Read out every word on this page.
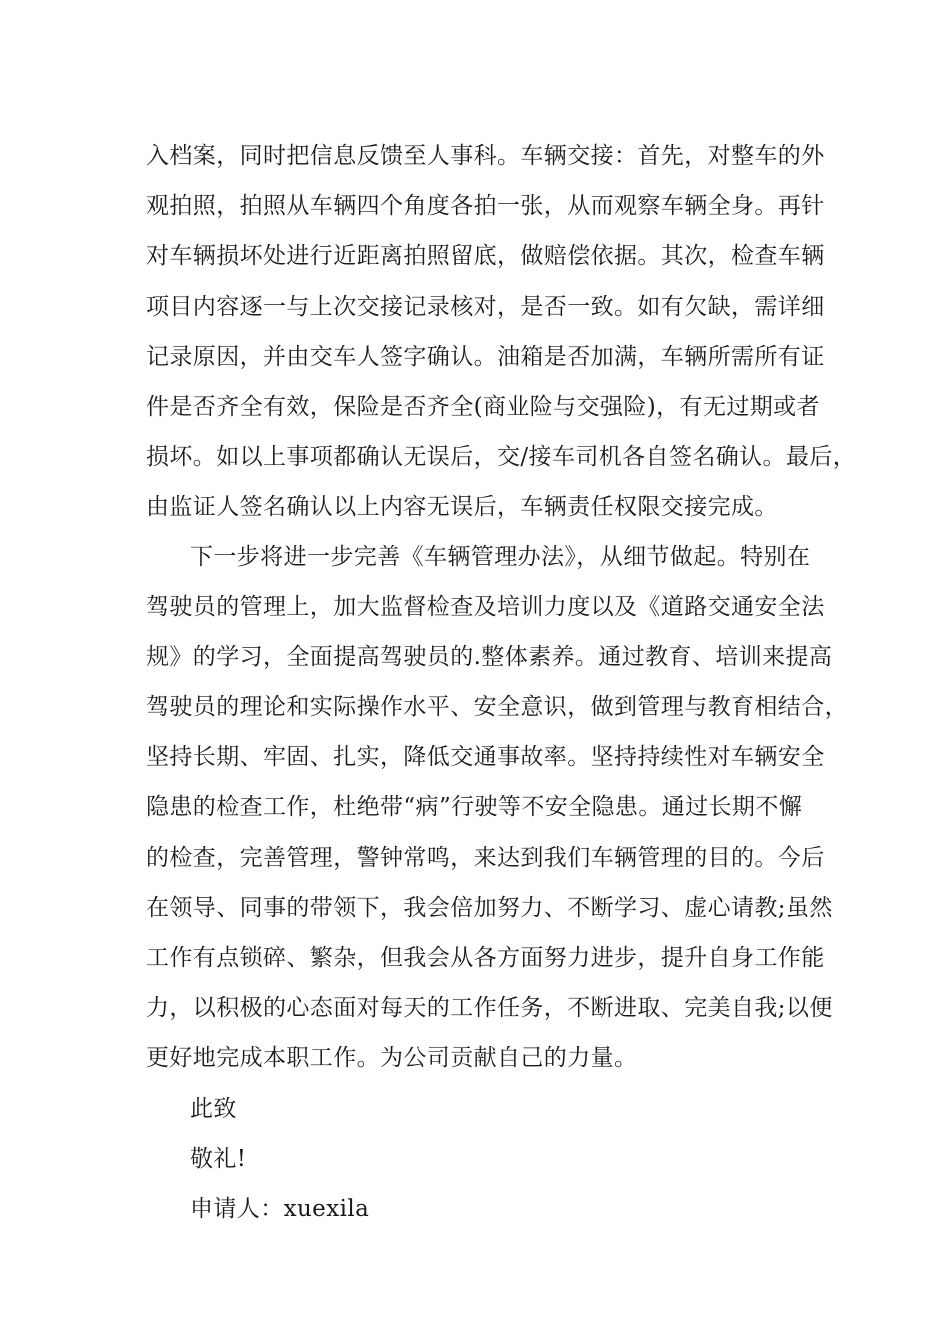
入档案，同时把信息反馈至人事科。车辆交接：首先，对整车的外
观拍照，拍照从车辆四个角度各拍一张，从而观察车辆全身。再针
对车辆损坏处进行近距离拍照留底，做赔偿依据。其次，检查车辆
项目内容逐一与上次交接记录核对，是否一致。如有欠缺，需详细
记录原因，并由交车人签字确认。油箱是否加满，车辆所需所有证
件是否齐全有效，保险是否齐全(商业险与交强险)，有无过期或者
损坏。如以上事项都确认无误后，交/接车司机各自签名确认。最后，
由监证人签名确认以上内容无误后，车辆责任权限交接完成。
下一步将进一步完善《车辆管理办法》，从细节做起。特别在
驾驶员的管理上，加大监督检查及培训力度以及《道路交通安全法
规》的学习，全面提高驾驶员的.整体素养。通过教育、培训来提高
驾驶员的理论和实际操作水平、安全意识，做到管理与教育相结合，
坚持长期、牢固、扎实，降低交通事故率。坚持持续性对车辆安全
隐患的检查工作，杜绝带“病”行驶等不安全隐患。通过长期不懈
的检查，完善管理，警钟常鸣，来达到我们车辆管理的目的。今后
在领导、同事的带领下，我会倍加努力、不断学习、虚心请教;虽然
工作有点锁碎、繁杂，但我会从各方面努力进步，提升自身工作能
力，以积极的心态面对每天的工作任务，不断进取、完美自我;以便
更好地完成本职工作。为公司贡献自己的力量。
此致
敬礼!
申请人：xuexila
